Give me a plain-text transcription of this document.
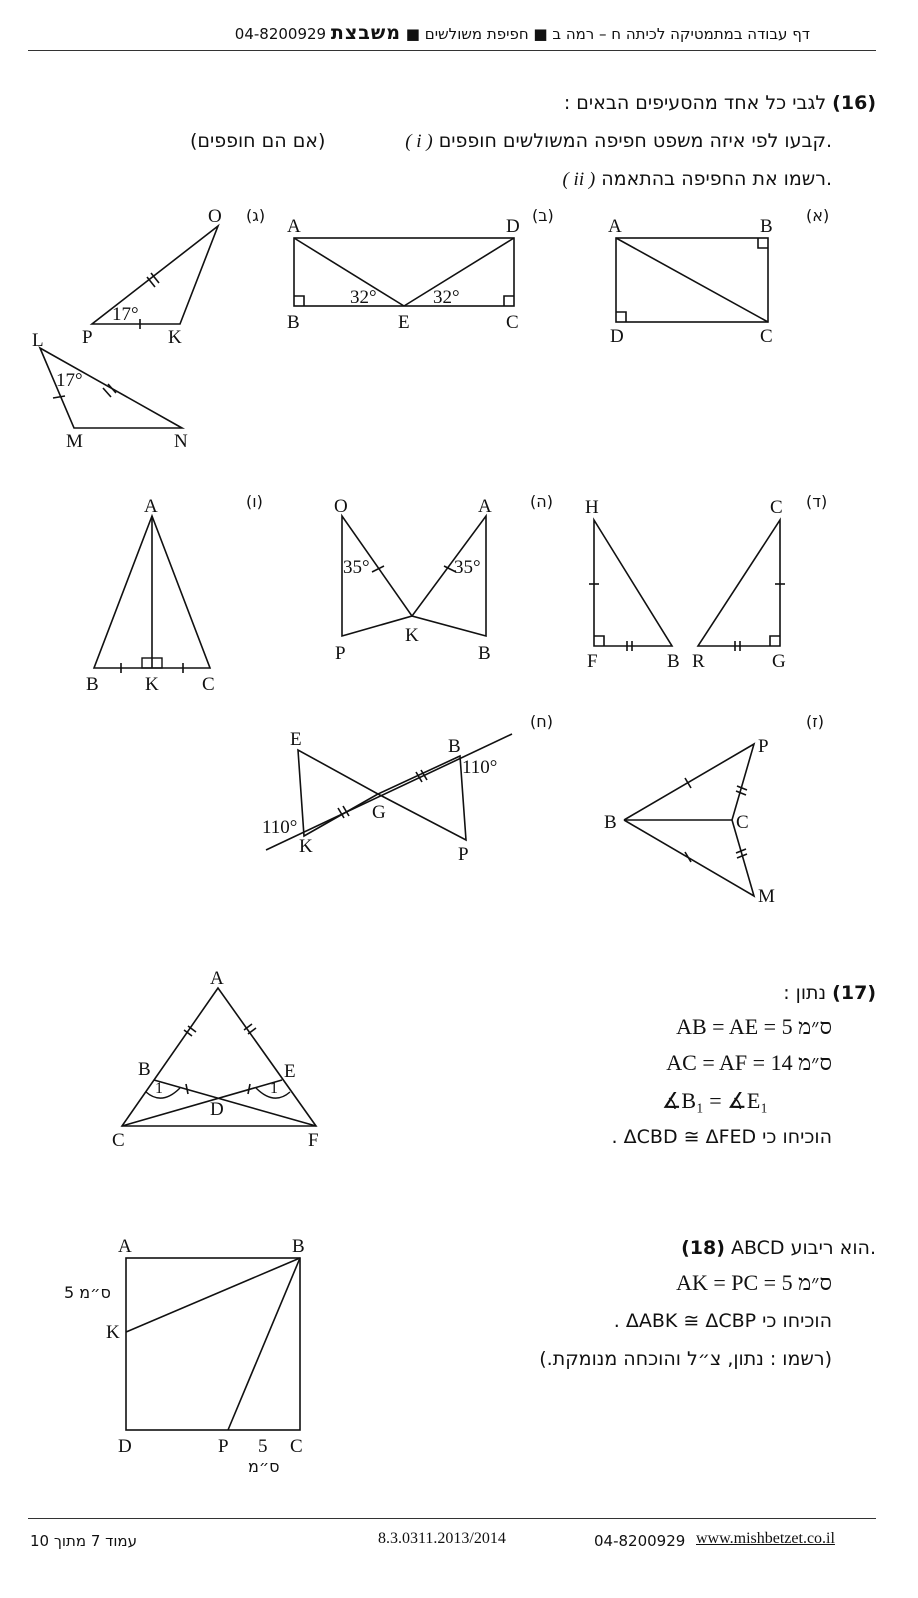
דף עבודה במתמטיקה לכיתה ח – רמה ב ■ חפיפת משולשים ■ משבצת 04-8200929
(16) לגבי כל אחד מהסעיפים הבאים :
( i ) קבעו לפי איזה משפט חפיפה המשולשים חופפים.
(אם הם חופפים)
( ii ) רשמו את החפיפה בהתאמה.
(א)
(ב)
(ג)
(ד)
(ה)
(ו)
(ז)
(ח)
A	B
D	C
A	D
B	E	C
32°	32°
O
P	K
17°
L
M	N
17°
H
F	B
C
R	G
O	A
P
K
B
35°	35°
A
B K C
P
B	C
M
E	B
G
K	P
110°
110°
(17) נתון :
AB = AE = ס״מ 5
AC = AF = ס״מ 14
∡B₁ = ∡E₁
הוכיחו כי ΔCBD ≅ ΔFED .
A
B	E
D
C	F
1	1
(18) ABCD הוא ריבוע.
AK = PC = ס״מ 5
הוכיחו כי ΔABK ≅ ΔCBP .
(רשמו : נתון, צ״ל והוכחה מנומקת.)
A	B
K
D	P	C
5 ס״מ
5
ס״מ
עמוד 7 מתוך 10	8.3.0311.2013/2014	04-8200929 www.mishbetzet.co.il
